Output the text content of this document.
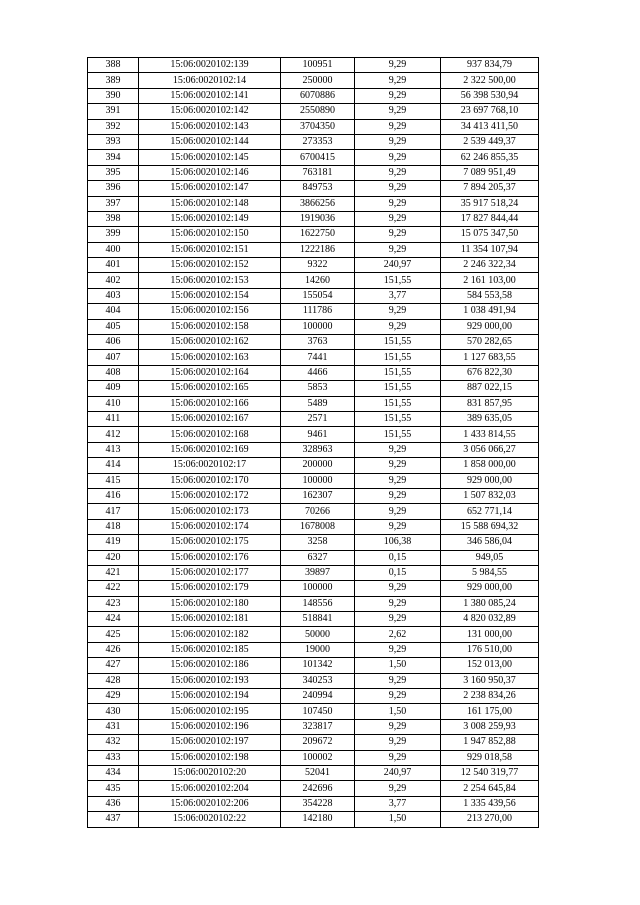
388	15:06:0020102:139	100951	9,29	937 834,79
389	15:06:0020102:14	250000	9,29	2 322 500,00
390	15:06:0020102:141	6070886	9,29	56 398 530,94
391	15:06:0020102:142	2550890	9,29	23 697 768,10
392	15:06:0020102:143	3704350	9,29	34 413 411,50
393	15:06:0020102:144	273353	9,29	2 539 449,37
394	15:06:0020102:145	6700415	9,29	62 246 855,35
395	15:06:0020102:146	763181	9,29	7 089 951,49
396	15:06:0020102:147	849753	9,29	7 894 205,37
397	15:06:0020102:148	3866256	9,29	35 917 518,24
398	15:06:0020102:149	1919036	9,29	17 827 844,44
399	15:06:0020102:150	1622750	9,29	15 075 347,50
400	15:06:0020102:151	1222186	9,29	11 354 107,94
401	15:06:0020102:152	9322	240,97	2 246 322,34
402	15:06:0020102:153	14260	151,55	2 161 103,00
403	15:06:0020102:154	155054	3,77	584 553,58
404	15:06:0020102:156	111786	9,29	1 038 491,94
405	15:06:0020102:158	100000	9,29	929 000,00
406	15:06:0020102:162	3763	151,55	570 282,65
407	15:06:0020102:163	7441	151,55	1 127 683,55
408	15:06:0020102:164	4466	151,55	676 822,30
409	15:06:0020102:165	5853	151,55	887 022,15
410	15:06:0020102:166	5489	151,55	831 857,95
411	15:06:0020102:167	2571	151,55	389 635,05
412	15:06:0020102:168	9461	151,55	1 433 814,55
413	15:06:0020102:169	328963	9,29	3 056 066,27
414	15:06:0020102:17	200000	9,29	1 858 000,00
415	15:06:0020102:170	100000	9,29	929 000,00
416	15:06:0020102:172	162307	9,29	1 507 832,03
417	15:06:0020102:173	70266	9,29	652 771,14
418	15:06:0020102:174	1678008	9,29	15 588 694,32
419	15:06:0020102:175	3258	106,38	346 586,04
420	15:06:0020102:176	6327	0,15	949,05
421	15:06:0020102:177	39897	0,15	5 984,55
422	15:06:0020102:179	100000	9,29	929 000,00
423	15:06:0020102:180	148556	9,29	1 380 085,24
424	15:06:0020102:181	518841	9,29	4 820 032,89
425	15:06:0020102:182	50000	2,62	131 000,00
426	15:06:0020102:185	19000	9,29	176 510,00
427	15:06:0020102:186	101342	1,50	152 013,00
428	15:06:0020102:193	340253	9,29	3 160 950,37
429	15:06:0020102:194	240994	9,29	2 238 834,26
430	15:06:0020102:195	107450	1,50	161 175,00
431	15:06:0020102:196	323817	9,29	3 008 259,93
432	15:06:0020102:197	209672	9,29	1 947 852,88
433	15:06:0020102:198	100002	9,29	929 018,58
434	15:06:0020102:20	52041	240,97	12 540 319,77
435	15:06:0020102:204	242696	9,29	2 254 645,84
436	15:06:0020102:206	354228	3,77	1 335 439,56
437	15:06:0020102:22	142180	1,50	213 270,00
